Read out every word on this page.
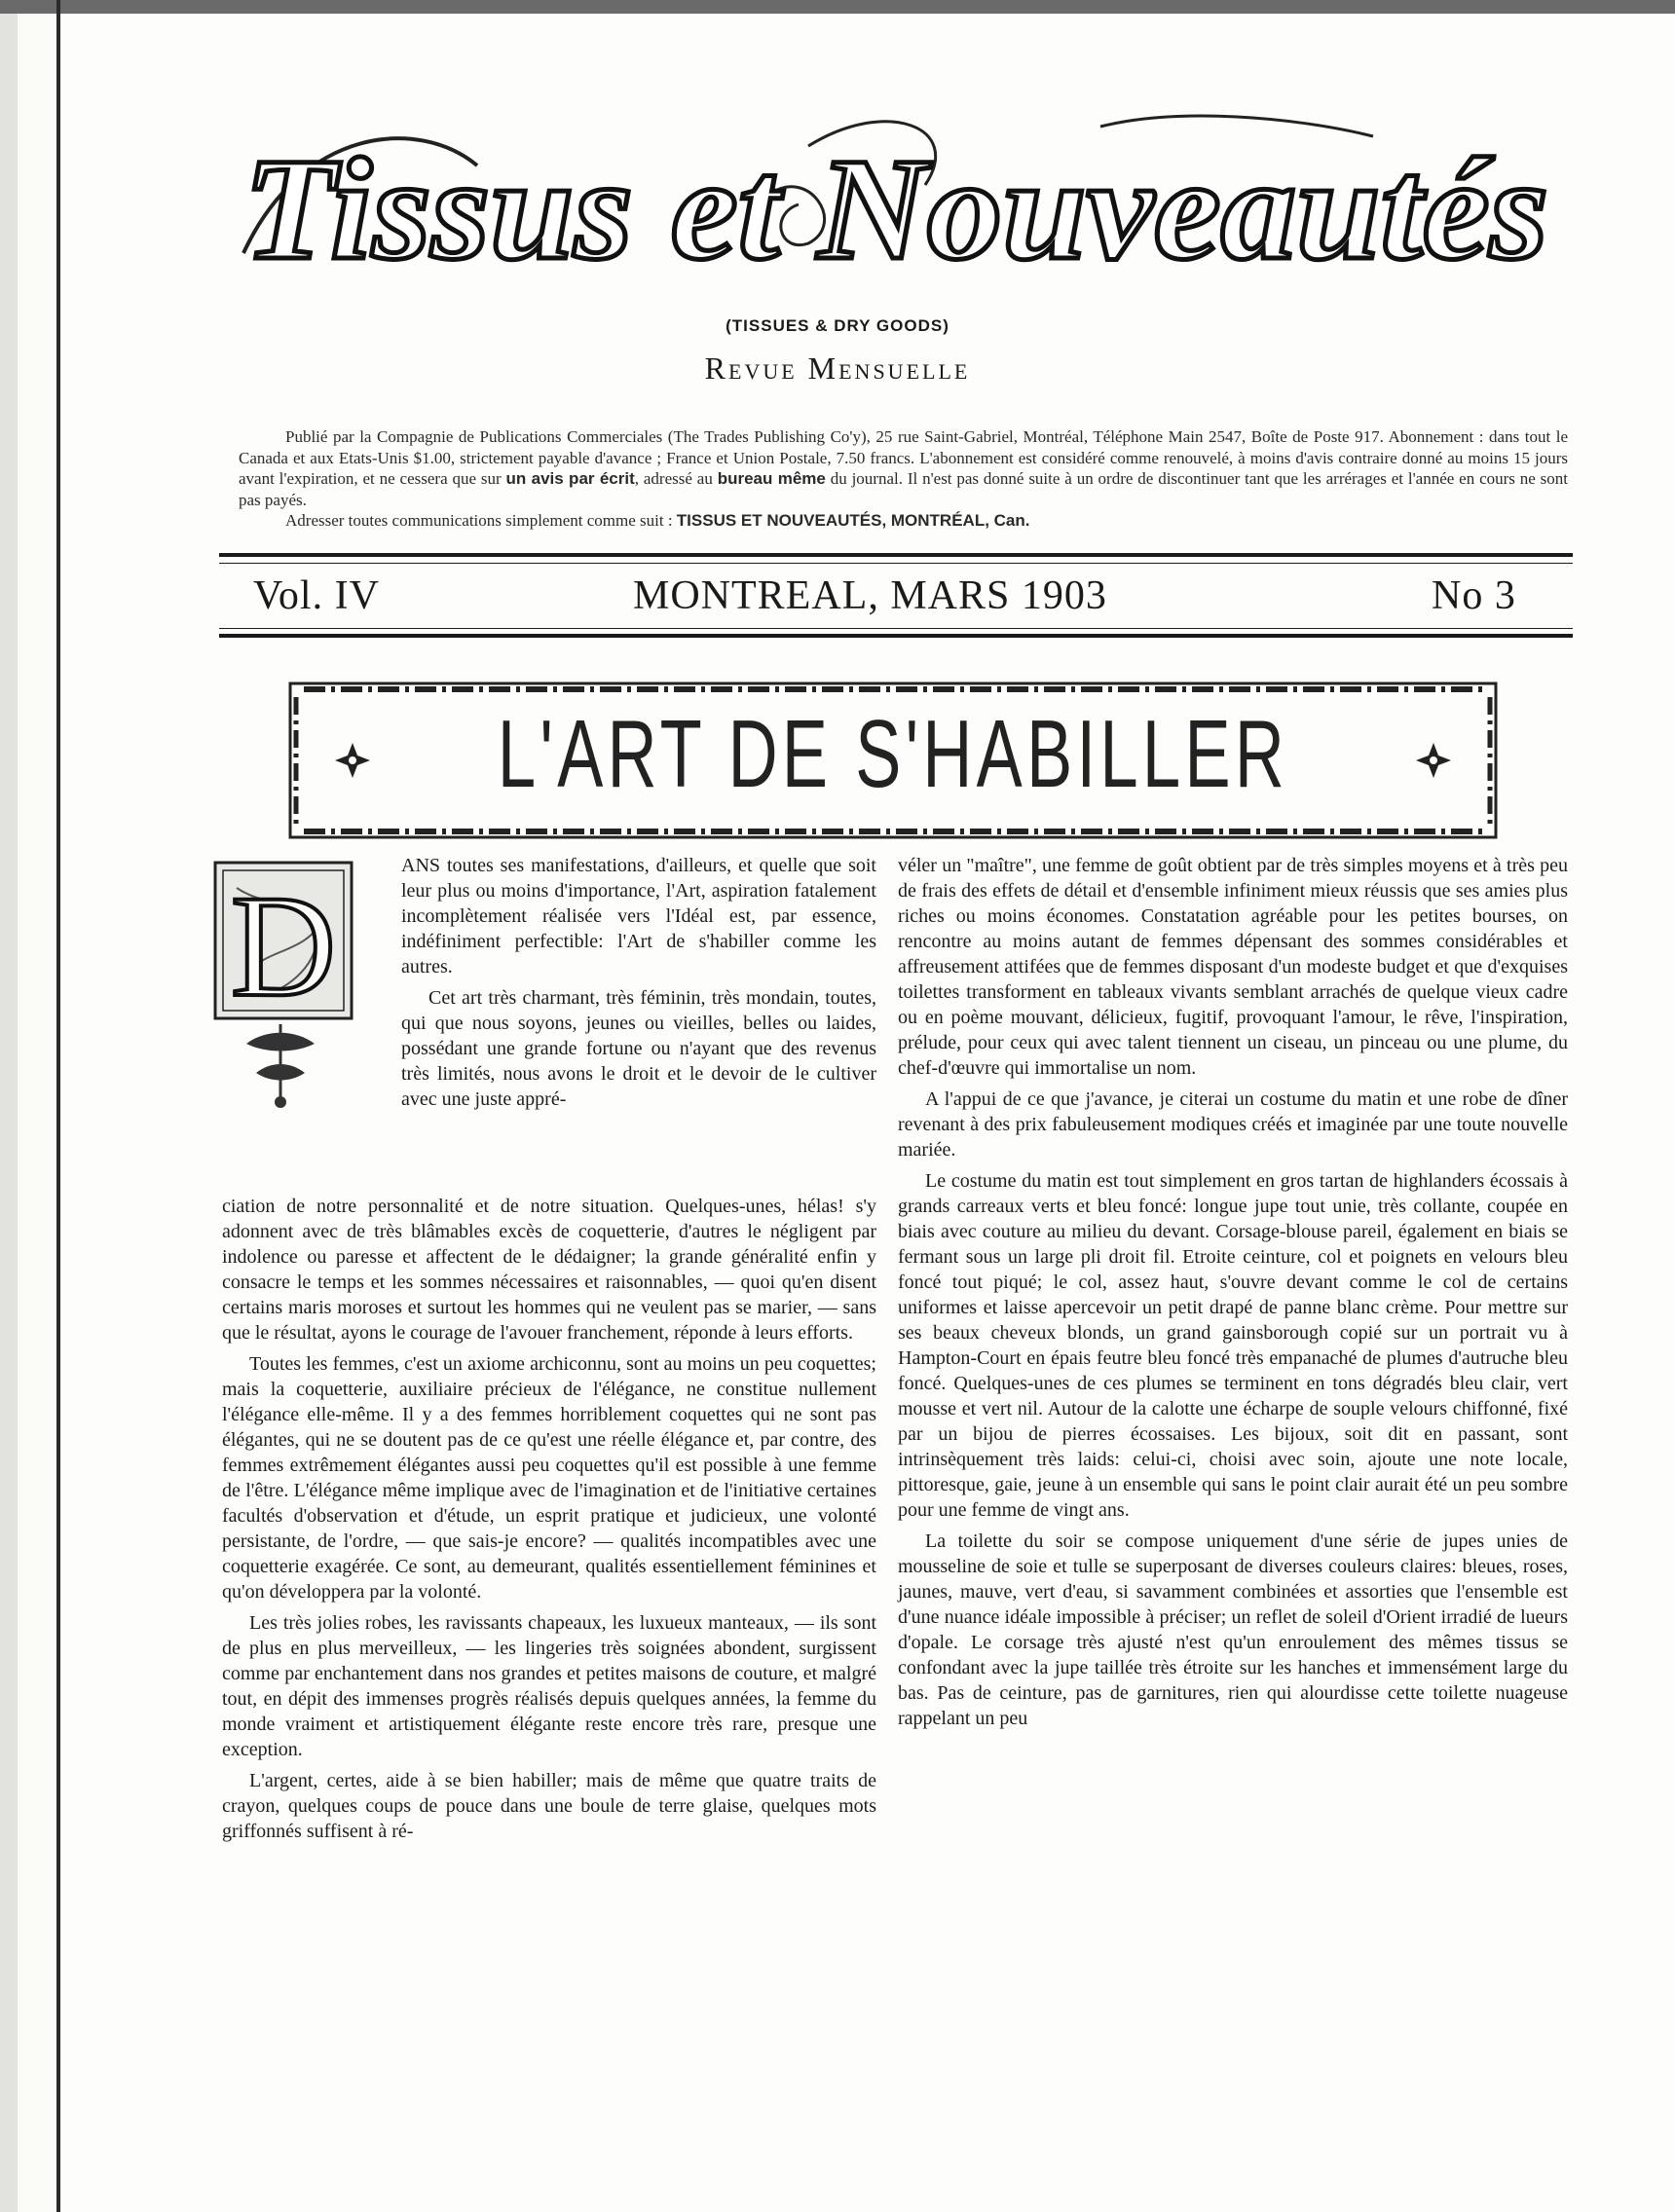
Tissus et Nouveautés
(TISSUES & DRY GOODS)
Revue Mensuelle
Publié par la Compagnie de Publications Commerciales (The Trades Publishing Co'y), 25 rue Saint-Gabriel, Montréal, Téléphone Main 2547, Boîte de Poste 917. Abonnement : dans tout le Canada et aux Etats-Unis $1.00, strictement payable d'avance ; France et Union Postale, 7.50 francs. L'abonnement est considéré comme renouvelé, à moins d'avis contraire donné au moins 15 jours avant l'expiration, et ne cessera que sur un avis par écrit, adressé au bureau même du journal. Il n'est pas donné suite à un ordre de discontinuer tant que les arrérages et l'année en cours ne sont pas payés.
Adresser toutes communications simplement comme suit : TISSUS ET NOUVEAUTÉS, MONTRÉAL, Can.
Vol. IV	MONTREAL, MARS 1903	No 3
L'ART DE S'HABILLER
D	ANS toutes ses manifestations, d'ailleurs, et quelle que soit leur plus ou moins d'importance, l'Art, aspiration fatalement incomplètement réalisée vers l'Idéal est, par essence, indéfiniment perfectible: l'Art de s'habiller comme les autres.

Cet art très charmant, très féminin, très mondain, toutes, qui que nous soyons, jeunes ou vieilles, belles ou laides, possédant une grande fortune ou n'ayant que des revenus très limités, nous avons le droit et le devoir de le cultiver avec une juste appré-

ciation de notre personnalité et de notre situation. Quelques-unes, hélas! s'y adonnent avec de très blâmables excès de coquetterie, d'autres le négligent par indolence ou paresse et affectent de le dédaigner; la grande généralité enfin y consacre le temps et les sommes nécessaires et raisonnables, — quoi qu'en disent certains maris moroses et surtout les hommes qui ne veulent pas se marier, — sans que le résultat, ayons le courage de l'avouer franchement, réponde à leurs efforts.

Toutes les femmes, c'est un axiome archiconnu, sont au moins un peu coquettes; mais la coquetterie, auxiliaire précieux de l'élégance, ne constitue nullement l'élégance elle-même. Il y a des femmes horriblement coquettes qui ne sont pas élégantes, qui ne se doutent pas de ce qu'est une réelle élégance et, par contre, des femmes extrêmement élégantes aussi peu coquettes qu'il est possible à une femme de l'être. L'élégance même implique avec de l'imagination et de l'initiative certaines facultés d'observation et d'étude, un esprit pratique et judicieux, une volonté persistante, de l'ordre, — que sais-je encore? — qualités incompatibles avec une coquetterie exagérée. Ce sont, au demeurant, qualités essentiellement féminines et qu'on développera par la volonté.

Les très jolies robes, les ravissants chapeaux, les luxueux manteaux, — ils sont de plus en plus merveilleux, — les lingeries très soignées abondent, surgissent comme par enchantement dans nos grandes et petites maisons de couture, et malgré tout, en dépit des immenses progrès réalisés depuis quelques années, la femme du monde vraiment et artistiquement élégante reste encore très rare, presque une exception.

L'argent, certes, aide à se bien habiller; mais de même que quatre traits de crayon, quelques coups de pouce dans une boule de terre glaise, quelques mots griffonnés suffisent à ré-

véler un "maître", une femme de goût obtient par de très simples moyens et à très peu de frais des effets de détail et d'ensemble infiniment mieux réussis que ses amies plus riches ou moins économes. Constatation agréable pour les petites bourses, on rencontre au moins autant de femmes dépensant des sommes considérables et affreusement attifées que de femmes disposant d'un modeste budget et que d'exquises toilettes transforment en tableaux vivants semblant arrachés de quelque vieux cadre ou en poème mouvant, délicieux, fugitif, provoquant l'amour, le rêve, l'inspiration, prélude, pour ceux qui avec talent tiennent un ciseau, un pinceau ou une plume, du chef-d'œuvre qui immortalise un nom.

A l'appui de ce que j'avance, je citerai un costume du matin et une robe de dîner revenant à des prix fabuleusement modiques créés et imaginée par une toute nouvelle mariée.

Le costume du matin est tout simplement en gros tartan de highlanders écossais à grands carreaux verts et bleu foncé: longue jupe tout unie, très collante, coupée en biais avec couture au milieu du devant. Corsage-blouse pareil, également en biais se fermant sous un large pli droit fil. Etroite ceinture, col et poignets en velours bleu foncé tout piqué; le col, assez haut, s'ouvre devant comme le col de certains uniformes et laisse apercevoir un petit drapé de panne blanc crème. Pour mettre sur ses beaux cheveux blonds, un grand gainsborough copié sur un portrait vu à Hampton-Court en épais feutre bleu foncé très empanaché de plumes d'autruche bleu foncé. Quelques-unes de ces plumes se terminent en tons dégradés bleu clair, vert mousse et vert nil. Autour de la calotte une écharpe de souple velours chiffonné, fixé par un bijou de pierres écossaises. Les bijoux, soit dit en passant, sont intrinsèquement très laids: celui-ci, choisi avec soin, ajoute une note locale, pittoresque, gaie, jeune à un ensemble qui sans le point clair aurait été un peu sombre pour une femme de vingt ans.

La toilette du soir se compose uniquement d'une série de jupes unies de mousseline de soie et tulle se superposant de diverses couleurs claires: bleues, roses, jaunes, mauve, vert d'eau, si savamment combinées et assorties que l'ensemble est d'une nuance idéale impossible à préciser; un reflet de soleil d'Orient irradié de lueurs d'opale. Le corsage très ajusté n'est qu'un enroulement des mêmes tissus se confondant avec la jupe taillée très étroite sur les hanches et immensément large du bas. Pas de ceinture, pas de garnitures, rien qui alourdisse cette toilette nuageuse rappelant un peu
